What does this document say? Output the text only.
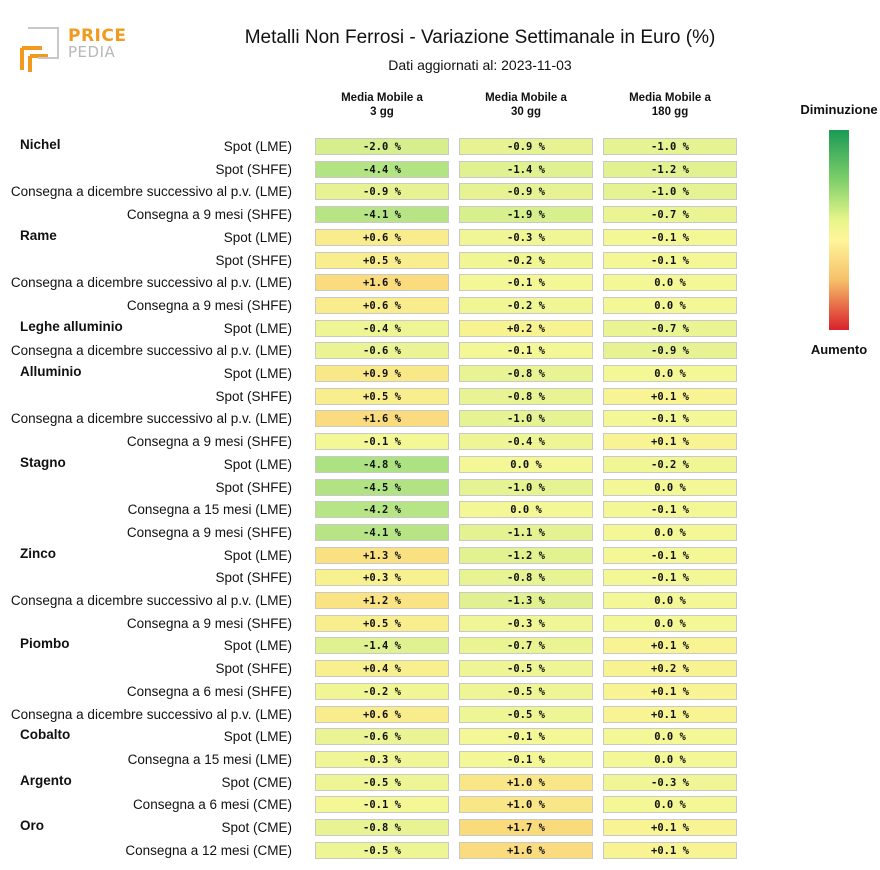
PRICE
PEDIA
Metalli Non Ferrosi - Variazione Settimanale in Euro (%)
Dati aggiornati al: 2023-11-03
Media Mobile a
3 gg
Media Mobile a
30 gg
Media Mobile a
180 gg
Nichel	Spot (LME)	-2.0 %	-0.9 %	-1.0 %
Spot (SHFE)	-4.4 %	-1.4 %	-1.2 %
Consegna a dicembre successivo al p.v. (LME)	-0.9 %	-0.9 %	-1.0 %
Consegna a 9 mesi (SHFE)	-4.1 %	-1.9 %	-0.7 %
Rame	Spot (LME)	+0.6 %	-0.3 %	-0.1 %
Spot (SHFE)	+0.5 %	-0.2 %	-0.1 %
Consegna a dicembre successivo al p.v. (LME)	+1.6 %	-0.1 %	0.0 %
Consegna a 9 mesi (SHFE)	+0.6 %	-0.2 %	0.0 %
Leghe alluminio	Spot (LME)	-0.4 %	+0.2 %	-0.7 %
Consegna a dicembre successivo al p.v. (LME)	-0.6 %	-0.1 %	-0.9 %
Alluminio	Spot (LME)	+0.9 %	-0.8 %	0.0 %
Spot (SHFE)	+0.5 %	-0.8 %	+0.1 %
Consegna a dicembre successivo al p.v. (LME)	+1.6 %	-1.0 %	-0.1 %
Consegna a 9 mesi (SHFE)	-0.1 %	-0.4 %	+0.1 %
Stagno	Spot (LME)	-4.8 %	0.0 %	-0.2 %
Spot (SHFE)	-4.5 %	-1.0 %	0.0 %
Consegna a 15 mesi (LME)	-4.2 %	0.0 %	-0.1 %
Consegna a 9 mesi (SHFE)	-4.1 %	-1.1 %	0.0 %
Zinco	Spot (LME)	+1.3 %	-1.2 %	-0.1 %
Spot (SHFE)	+0.3 %	-0.8 %	-0.1 %
Consegna a dicembre successivo al p.v. (LME)	+1.2 %	-1.3 %	0.0 %
Consegna a 9 mesi (SHFE)	+0.5 %	-0.3 %	0.0 %
Piombo	Spot (LME)	-1.4 %	-0.7 %	+0.1 %
Spot (SHFE)	+0.4 %	-0.5 %	+0.2 %
Consegna a 6 mesi (SHFE)	-0.2 %	-0.5 %	+0.1 %
Consegna a dicembre successivo al p.v. (LME)	+0.6 %	-0.5 %	+0.1 %
Cobalto	Spot (LME)	-0.6 %	-0.1 %	0.0 %
Consegna a 15 mesi (LME)	-0.3 %	-0.1 %	0.0 %
Argento	Spot (CME)	-0.5 %	+1.0 %	-0.3 %
Consegna a 6 mesi (CME)	-0.1 %	+1.0 %	0.0 %
Oro	Spot (CME)	-0.8 %	+1.7 %	+0.1 %
Consegna a 12 mesi (CME)	-0.5 %	+1.6 %	+0.1 %
Diminuzione
Aumento
